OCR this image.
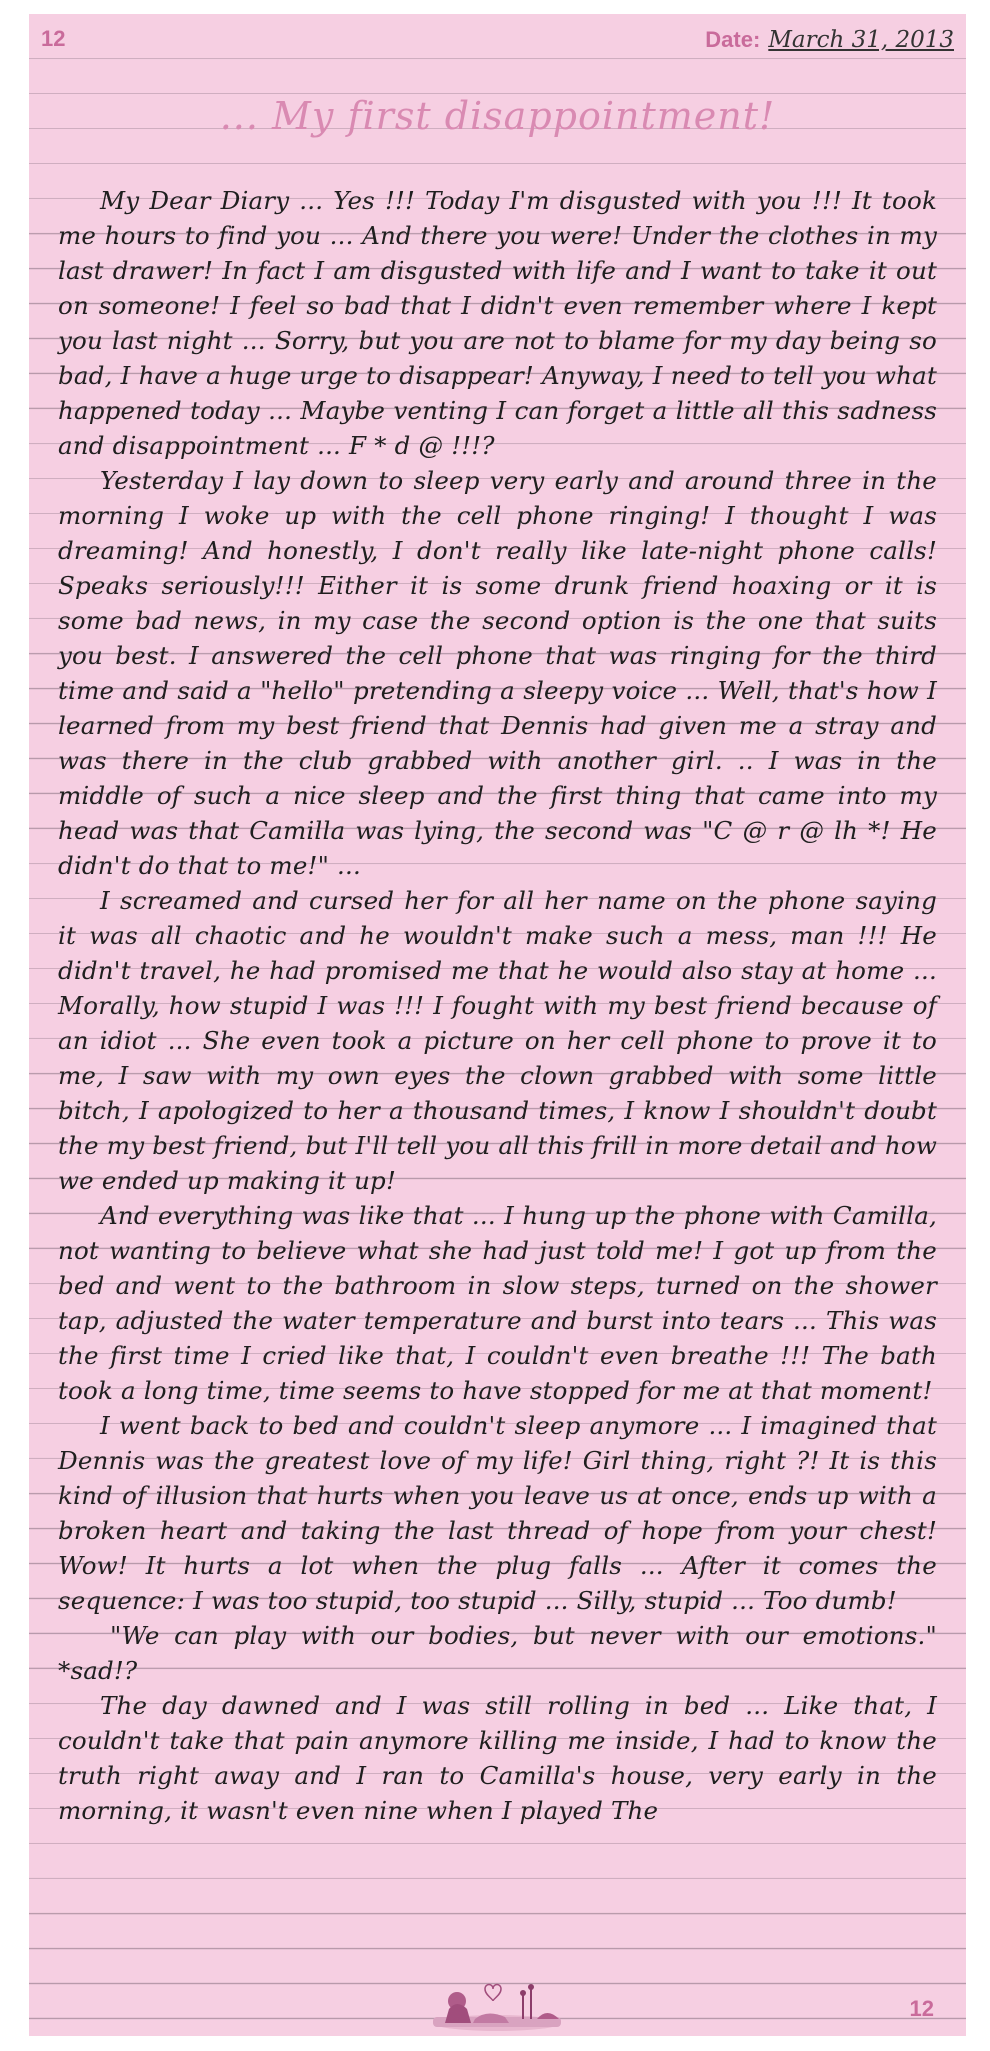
12	Date: March 31, 2013
... My first disappointment!

My Dear Diary ... Yes !!! Today I'm disgusted with you !!! It took me hours to find you ... And there you were! Under the clothes in my last drawer! In fact I am disgusted with life and I want to take it out on someone! I feel so bad that I didn't even remember where I kept you last night ... Sorry, but you are not to blame for my day being so bad, I have a huge urge to disappear! Anyway, I need to tell you what happened today ... Maybe venting I can forget a little all this sadness and disappointment ... F * d @ !!!?

Yesterday I lay down to sleep very early and around three in the morning I woke up with the cell phone ringing! I thought I was dreaming! And honestly, I don't really like late-night phone calls! Speaks seriously!!! Either it is some drunk friend hoaxing or it is some bad news, in my case the second option is the one that suits you best. I answered the cell phone that was ringing for the third time and said a "hello" pretending a sleepy voice ... Well, that's how I learned from my best friend that Dennis had given me a stray and was there in the club grabbed with another girl. .. I was in the middle of such a nice sleep and the first thing that came into my head was that Camilla was lying, the second was "C @ r @ lh *! He didn't do that to me!" ...

I screamed and cursed her for all her name on the phone saying it was all chaotic and he wouldn't make such a mess, man !!! He didn't travel, he had promised me that he would also stay at home ... Morally, how stupid I was !!! I fought with my best friend because of an idiot ... She even took a picture on her cell phone to prove it to me, I saw with my own eyes the clown grabbed with some little bitch, I apologized to her a thousand times, I know I shouldn't doubt the my best friend, but I'll tell you all this frill in more detail and how we ended up making it up!

And everything was like that ... I hung up the phone with Camilla, not wanting to believe what she had just told me! I got up from the bed and went to the bathroom in slow steps, turned on the shower tap, adjusted the water temperature and burst into tears ... This was the first time I cried like that, I couldn't even breathe !!! The bath took a long time, time seems to have stopped for me at that moment!

I went back to bed and couldn't sleep anymore ... I imagined that Dennis was the greatest love of my life! Girl thing, right ?! It is this kind of illusion that hurts when you leave us at once, ends up with a broken heart and taking the last thread of hope from your chest! Wow! It hurts a lot when the plug falls ... After it comes the sequence: I was too stupid, too stupid ... Silly, stupid ... Too dumb!

"We can play with our bodies, but never with our emotions." *sad!?

The day dawned and I was still rolling in bed ... Like that, I couldn't take that pain anymore killing me inside, I had to know the truth right away and I ran to Camilla's house, very early in the morning, it wasn't even nine when I played The

12
